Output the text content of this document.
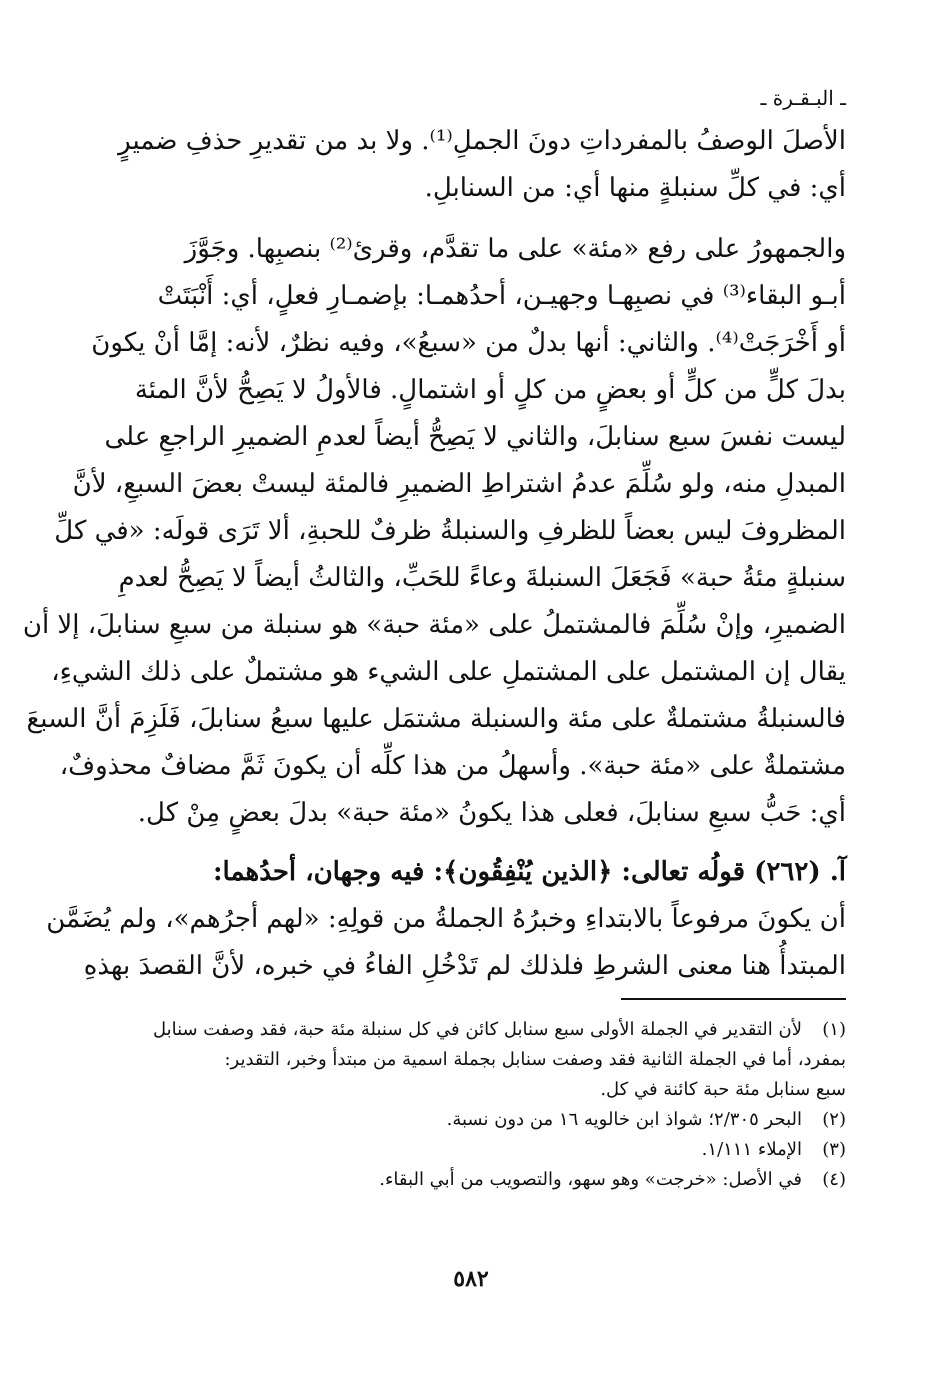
ـ البـقـرة ـ
الأصلَ الوصفُ بالمفرداتِ دونَ الجملِ⁽¹⁾. ولا بد من تقديرِ حذفِ ضميرٍ
أي: في كلِّ سنبلةٍ منها أي: من السنابلِ.
والجمهورُ على رفع «مئة» على ما تقدَّم، وقرئ⁽²⁾ بنصبِها. وجَوَّزَ
أبـو البقاء⁽³⁾ في نصبِهـا وجهيـن، أحدُهمـا: بإضمـارِ فعلٍ، أي: أَنْبَتَتْ
أو أَخْرَجَتْ⁽⁴⁾. والثاني: أنها بدلٌ من «سبعُ»، وفيه نظرٌ، لأنه: إمَّا أنْ يكونَ
بدلَ كلٍّ من كلٍّ أو بعضٍ من كلٍ أو اشتمالٍ. فالأولُ لا يَصِحُّ لأنَّ المئة
ليست نفسَ سبع سنابلَ، والثاني لا يَصِحُّ أيضاً لعدمِ الضميرِ الراجعِ على
المبدلِ منه، ولو سُلِّمَ عدمُ اشتراطِ الضميرِ فالمئة ليستْ بعضَ السبعِ، لأنَّ
المظروفَ ليس بعضاً للظرفِ والسنبلةُ ظرفٌ للحبةِ، ألا تَرَى قولَه: «في كلِّ
سنبلةٍ مئةُ حبة» فَجَعَلَ السنبلةَ وعاءً للحَبِّ، والثالثُ أيضاً لا يَصِحُّ لعدمِ
الضميرِ، وإنْ سُلِّمَ فالمشتملُ على «مئة حبة» هو سنبلة من سبعِ سنابلَ، إلا أن
يقال إن المشتمل على المشتملِ على الشيء هو مشتملٌ على ذلك الشيءِ،
فالسنبلةُ مشتملةٌ على مئة والسنبلة مشتمَل عليها سبعُ سنابلَ، فَلَزِمَ أنَّ السبعَ
مشتملةٌ على «مئة حبة». وأسهلُ من هذا كلِّه أن يكونَ ثَمَّ مضافٌ محذوفٌ،
أي: حَبُّ سبعِ سنابلَ، فعلى هذا يكونُ «مئة حبة» بدلَ بعضٍ مِنْ كل.
آ. (٢٦٢) قولُه تعالى: ﴿الذين يُنْفِقُون﴾: فيه وجهان، أحدُهما:
أن يكونَ مرفوعاً بالابتداءِ وخبرُهُ الجملةُ من قولِهِ: «لهم أجرُهم»، ولم يُضَمَّن
المبتدأُ هنا معنى الشرطِ فلذلك لم تَدْخُلِ الفاءُ في خبره، لأنَّ القصدَ بهذهِ
(١)
لأن التقدير في الجملة الأولى سبع سنابل كائن في كل سنبلة مئة حبة، فقد وصفت سنابل
بمفرد، أما في الجملة الثانية فقد وصفت سنابل بجملة اسمية من مبتدأ وخبر، التقدير:
سبع سنابل مئة حبة كائنة في كل.
(٢)
البحر ٢/٣٠٥؛ شواذ ابن خالويه ١٦ من دون نسبة.
(٣)
الإملاء ١/١١١.
(٤)
في الأصل: «خرجت» وهو سهو، والتصويب من أبي البقاء.
٥٨٢
